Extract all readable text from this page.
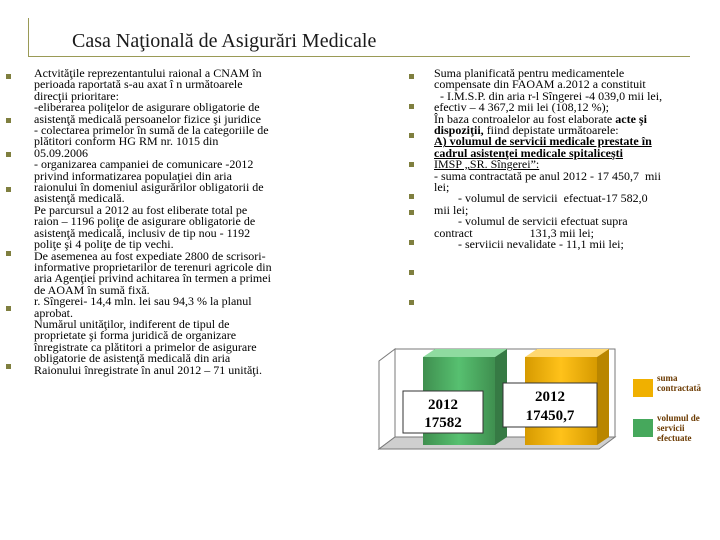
Casa Naţională de Asigurări Medicale

Actvităţile reprezentantului raional a CNAM în

perioada raportată s-au axat î n următoarele

direcţii prioritare:

-eliberarea poliţelor de asigurare obligatorie de

asistenţă medicală persoanelor fizice şi juridice

- colectarea primelor în sumă de la categoriile de

plătitori conform HG RM nr. 1015 din

05.09.2006

- organizarea campaniei de comunicare -2012

privind informatizarea populaţiei din aria

raionului în domeniul asigurărilor obligatorii de

asistenţă medicală.

Pe parcursul a 2012 au fost eliberate total pe

raion – 1196 poliţe de asigurare obligatorie de

asistenţă medicală, inclusiv de tip nou - 1192

poliţe şi 4 poliţe de tip vechi.

De asemenea au fost expediate 2800 de scrisori-

informative proprietarilor de terenuri agricole din

aria Agenţiei privind achitarea în termen a primei

de AOAM în sumă fixă.

r. Sîngerei- 14,4 mln. lei sau 94,3 % la planul

aprobat.

Numărul unităţilor, indiferent de tipul de

proprietate şi forma juridică de organizare

înregistrate ca plătitori a primelor de asigurare

obligatorie de asistenţă medicală din aria

Raionului înregistrate în anul 2012 – 71 unităţi.

Suma planificată pentru medicamentele

compensate din FAOAM a.2012 a constituit

- I.M.S.P. din aria r-l Sîngerei -4 039,0 mii lei,

efectiv – 4 367,2 mii lei (108,12 %);

În baza controalelor au fost elaborate acte şi

dispoziţii, fiind depistate următoarele:

A) volumul de servicii medicale prestate în

cadrul asistenţei medicale spitaliceşti

IMSP „SR. Sîngerei”:

- suma contractată pe anul 2012 - 17 450,7  mii

lei;

- volumul de servicii  efectuat-17 582,0

mii lei;

- volumul de servicii efectuat supra

contract                   131,3 mii lei;

- serviicii nevalidate - 11,1 mii lei;

2012
17582
2012
17450,7
suma
contractată
volumul de
servicii
efectuate
